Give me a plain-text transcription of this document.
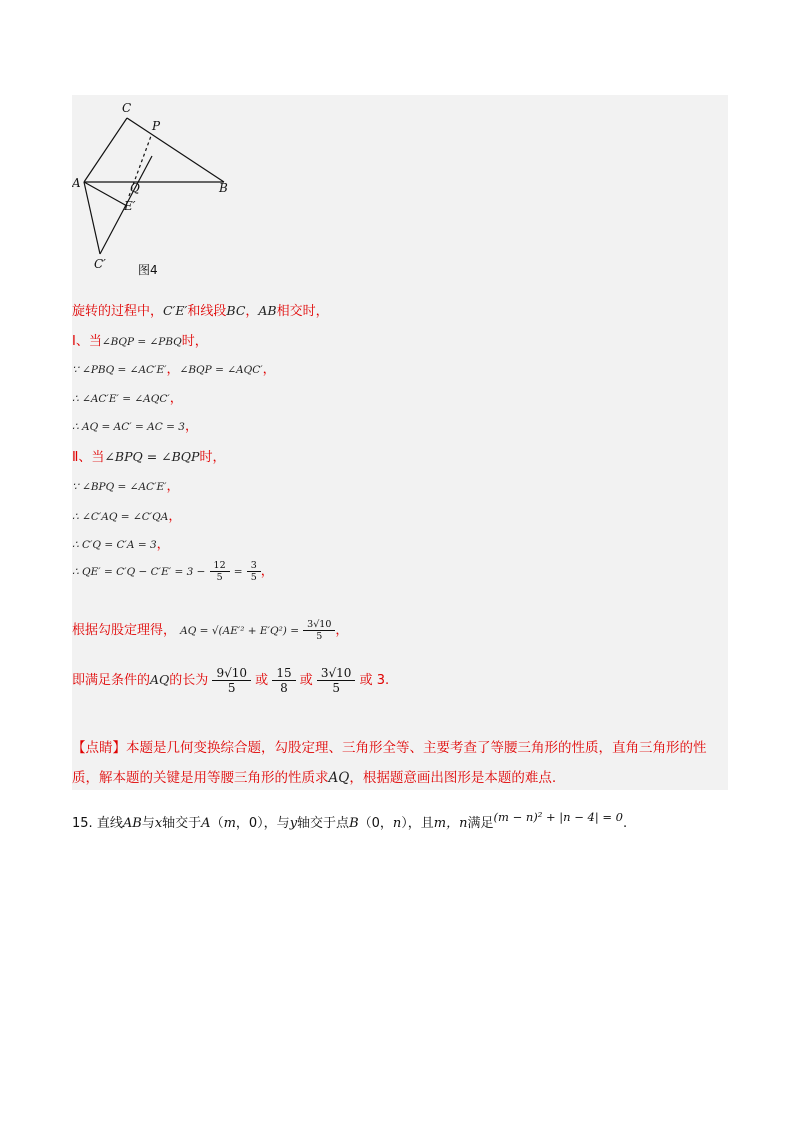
C
P
A	Q	B
E′
C′	图4
旋转的过程中，C′E′和线段BC，AB相交时，
Ⅰ、当∠BQP = ∠PBQ时，
∵ ∠PBQ = ∠AC′E′，∠BQP = ∠AQC′，
∴ ∠AC′E′ = ∠AQC′，
∴ AQ = AC′ = AC = 3，
Ⅱ、当∠BPQ = ∠BQP时，
∵ ∠BPQ = ∠AC′E′，
∴ ∠C′AQ = ∠C′QA，
∴ C′Q = C′A = 3，
∴ $QE' = C'Q - C'E' = 3 - \frac{12}{5} = \frac{3}{5}$ ，
根据勾股定理得， AQ = $√(AE'^2 + E'Q^2) = \frac{3√10}{5}$ ，
即满足条件的AQ的长为 $\frac{9√10}{5}$ 或 $\frac{15}{8}$ 或 $\frac{3√10}{5}$ 或 3.
【点睛】本题是几何变换综合题，勾股定理、三角形全等、主要考查了等腰三角形的性质，直角三角形的性质，解本题的关键是用等腰三角形的性质求AQ，根据题意画出图形是本题的难点.
15. 直线AB与x轴交于A（m，0），与y轴交于点B（0，n），且m，n满足(m − n)² + |n − 4| = 0.
